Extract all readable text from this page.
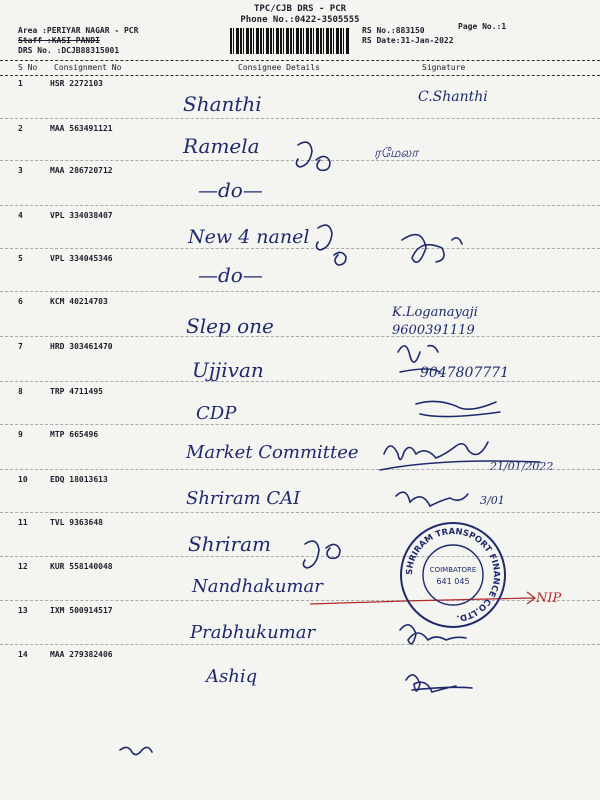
TPC/CJB DRS - PCR
Phone No.:0422-3505555
Area :PERIYAR NAGAR - PCR
Staff :KASI PANDI
DRS No. :DCJB88315001
Page No.:1
RS No.:883150
RS Date:31-Jan-2022
S No Consignment No	Consignee Details	Signature
1	HSR 2272103
Shanthi	C.Shanthi
2	MAA 563491121
Ramela	ரமேலா
3	MAA 286720712
—do—
4	VPL 334038407
New 4 nanel
5	VPL 334045346
—do—
6	KCM 40214703
Slep one
K.Loganayaji 9600391119
7	HRD 303461470
Ujjivan	9047807771
8	TRP 4711495
CDP
9	MTP 665496
Market Committee
21/01/2022
10	EDQ 18013613
Shriram CAI	3/01
11	TVL 9363648
Shriram
12	KUR 558140048
Nandhakumar
13	IXM 500914517
Prabhukumar
14	MAA 279382406
Ashiq
SHRIRAM TRANSPORT FINANCE CO.LTD.
COIMBATORE
641 045
NIP
